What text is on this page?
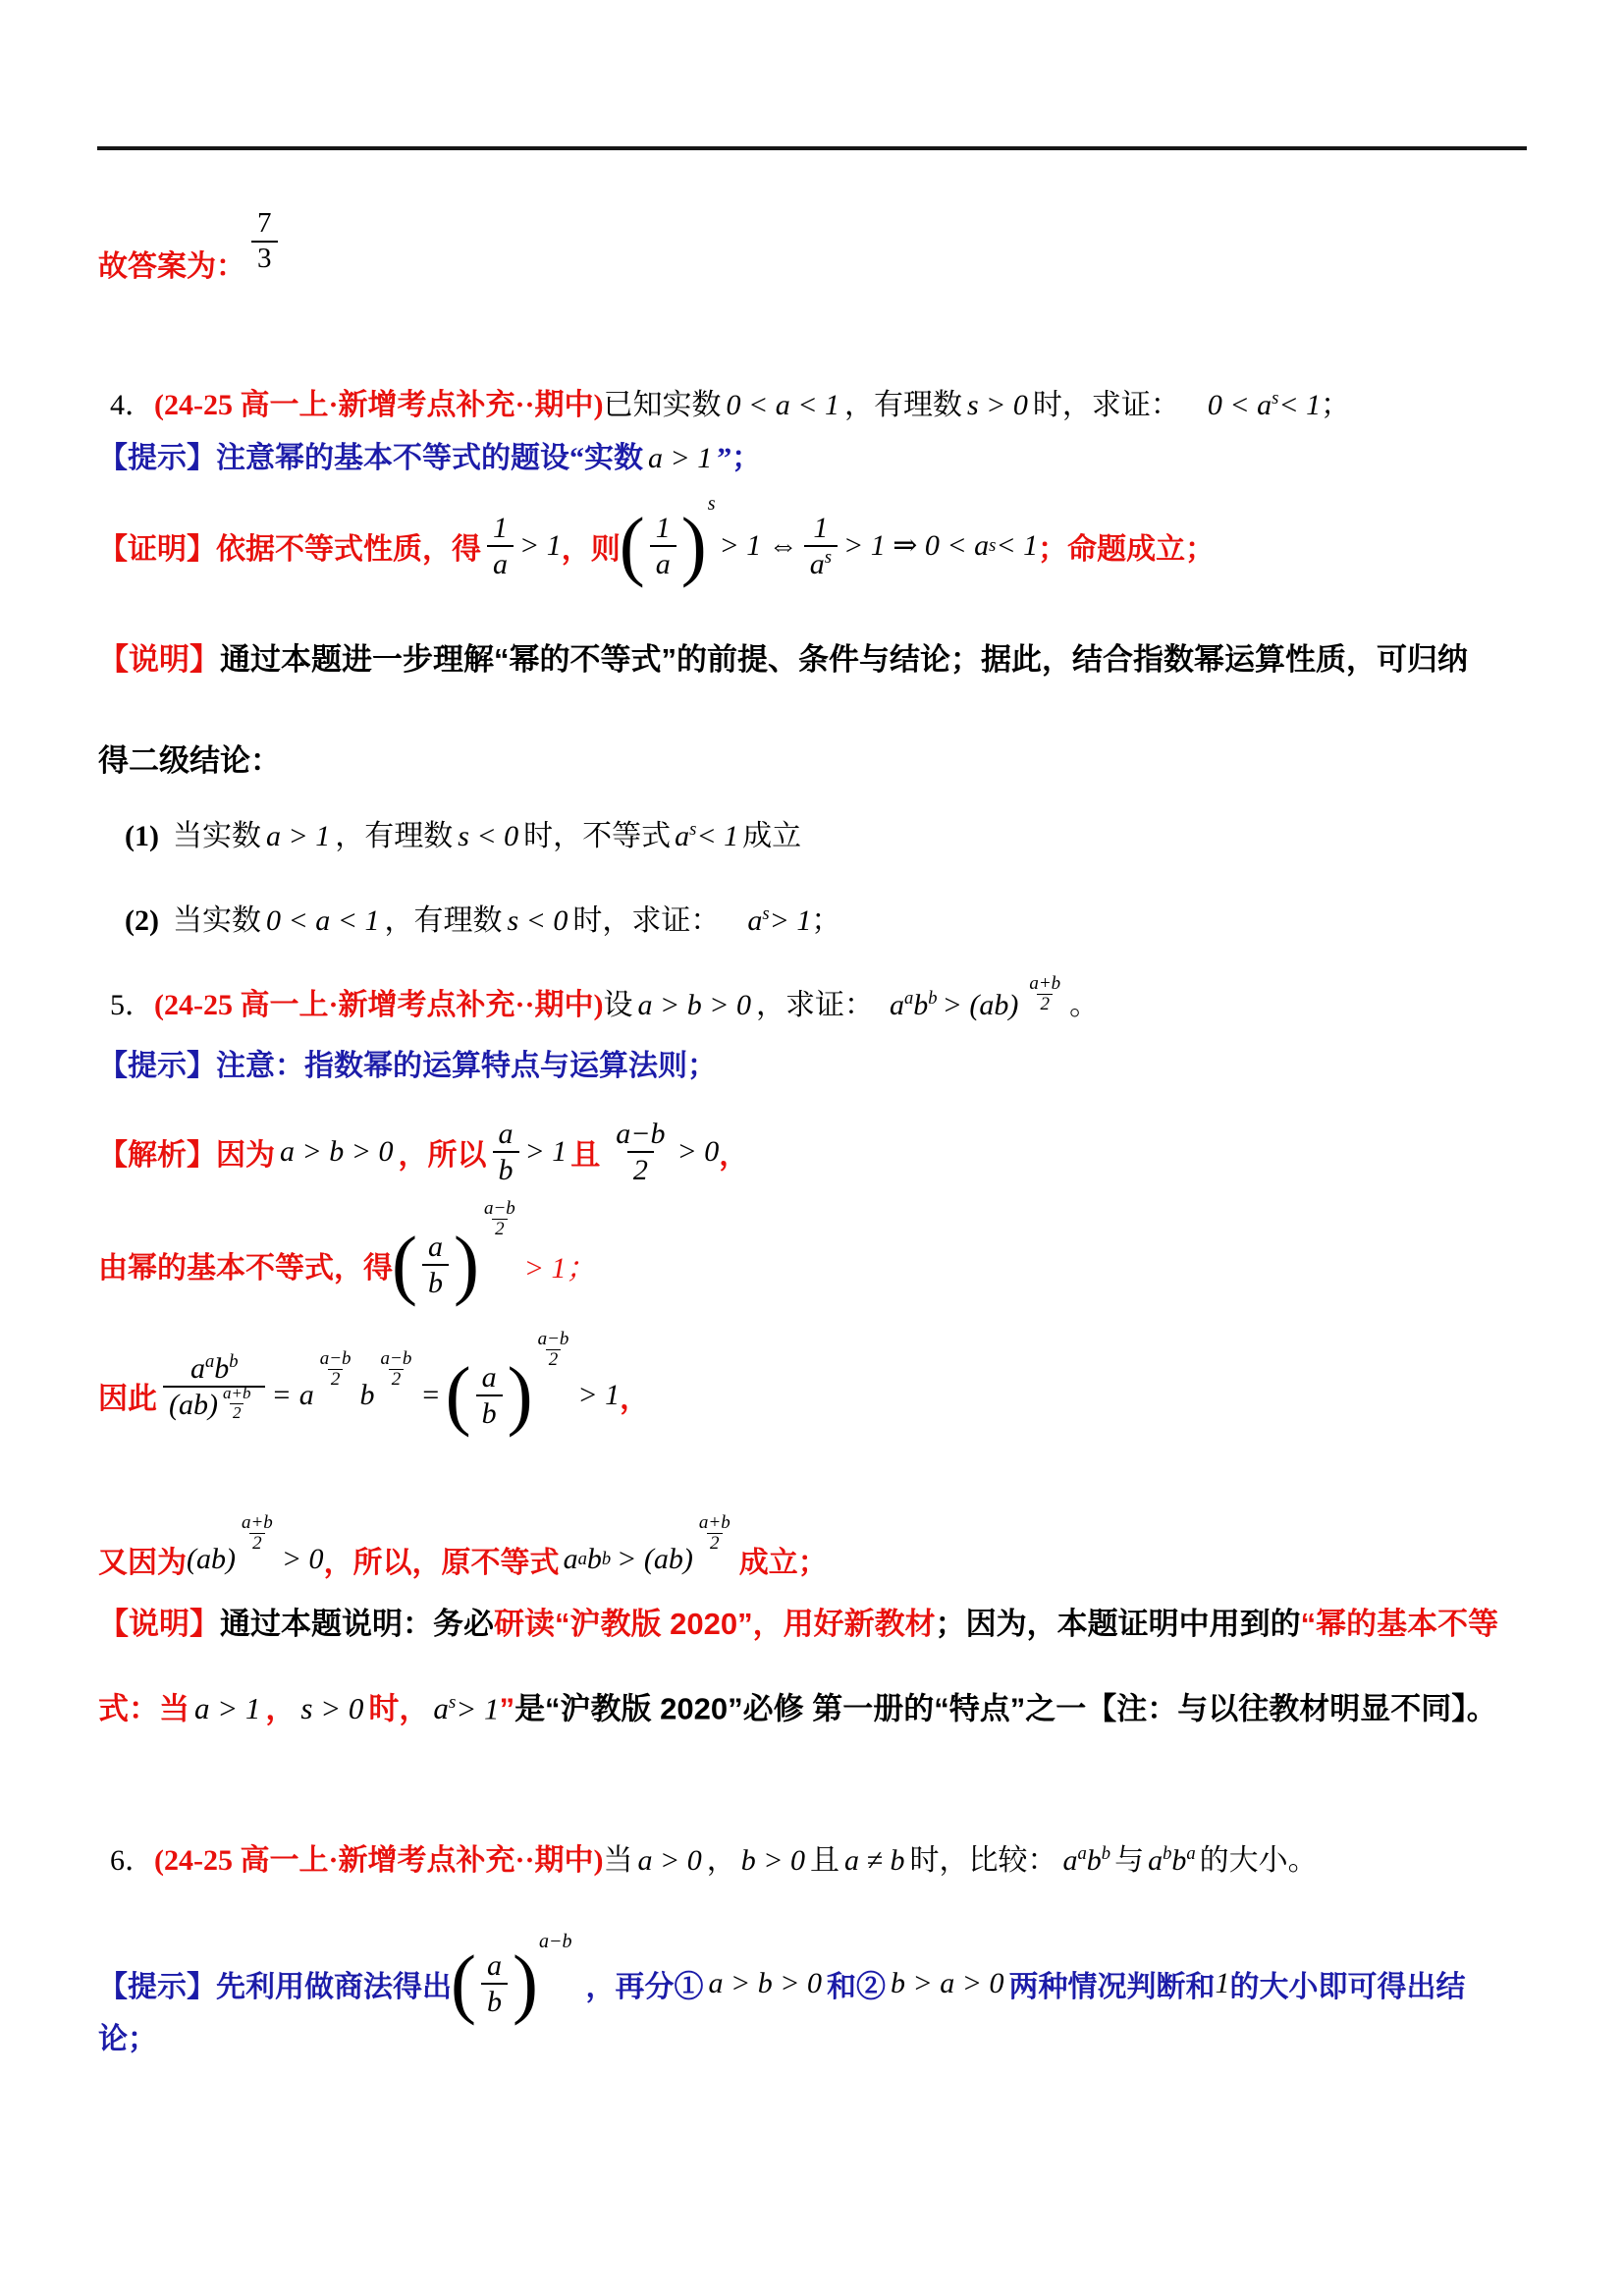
故答案为： $\frac{7}{3}$
4．(24-25 高一上·新增考点补充··期中)已知实数 0 < a < 1 ，有理数 s > 0 时，求证： $0 < a^s< 1$；
【提示】注意幂的基本不等式的题设“实数 a > 1 ”；
【证明】 依据不等式性质，得 $\frac{1}{a} > 1$ ，则 ( $\frac{1}{a}$ ) s
> 1 ⇔ $\frac{1}{a^s} > 1$ ⇒ 0 < a s < 1 ；命题成立；
【说明】通过本题进一步理解“幂的不等式”的前提、条件与结论；据此，结合指数幂运算性质，可归纳
得二级结论：
(1) 当实数 a > 1 ，有理数 s < 0 时，不等式 $a^s< 1$ 成立
(2) 当实数 0 < a < 1 ，有理数 s < 0 时，求证： $a^s> 1$；
5．(24-25 高一上·新增考点补充··期中)设 a > b > 0 ，求证： $a^ab^b > (ab) \frac{a+b}{2}$ 。
【提示】注意：指数幂的运算特点与运算法则；
【解析】 因为 a > b > 0 ，所以 $\frac{a}{b} > 1$ 且 $\frac{a-b}{2} > 0$ ，
由幂的基本不等式，得 ( $\frac{a}{b}$ )
$\frac{a-b}{2}$
> 1；
因此
$a^ab^b$
$(ab) \frac{a+b}{2} = a$
$\frac{a-b}{2}$
b
$\frac{a-b}{2}$
= ( $\frac{a}{b}$ )
$\frac{a-b}{2}$
> 1 ，
又因为 (ab)
$\frac{a+b}{2}$
> 0 ，所以，原不等式 a a b b > (ab)
$\frac{a+b}{2}$
成立；
【说明】通过本题说明：务必研读“沪教版 2020”，用好新教材；因为，本题证明中用到的“幂的基本不等
式：当 a > 1 ， s > 0 时， $a^s> 1$”是“沪教版 2020”必修 第一册的“特点”之一【注：与以往教材明显不同】。
6．(24-25 高一上·新增考点补充··期中)当 a > 0 ， b > 0 且 a ≠ b 时，比较： $a^ab^b$ 与 $a^bb^a$ 的大小。
【提示】 先利用做商法得出 ( $\frac{a}{b}$ ) a−b
，再分① a > b > 0 和② b > a > 0 两种情况判断和 1 的大小即可得出结
论；
